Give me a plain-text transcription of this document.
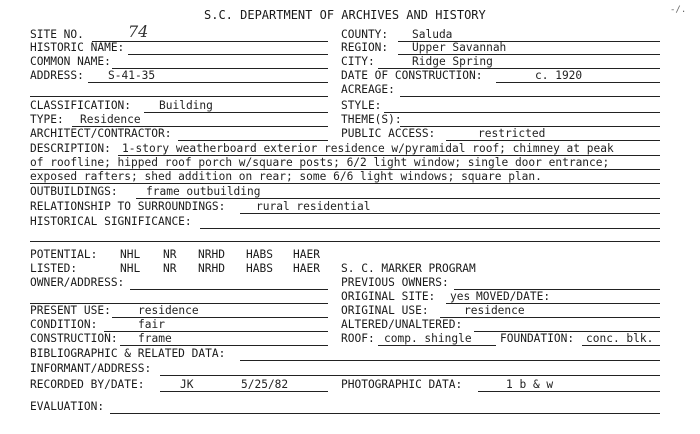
S.C. DEPARTMENT OF ARCHIVES AND HISTORY	-/.
SITE NO.	74	COUNTY: Saluda
HISTORIC NAME:	REGION: Upper Savannah
COMMON NAME:	CITY:	Ridge Spring
ADDRESS: S-41-35	DATE OF CONSTRUCTION:	c. 1920
ACREAGE:
CLASSIFICATION: Building	STYLE:
TYPE: Residence	THEME(S):
ARCHITECT/CONTRACTOR:	PUBLIC ACCESS:	restricted
DESCRIPTION: 1-story weatherboard exterior residence w/pyramidal roof; chimney at peak
of roofline; hipped roof porch w/square posts; 6/2 light window; single door entrance;
exposed rafters; shed addition on rear; some 6/6 light windows; square plan.
OUTBUILDINGS:	frame outbuilding
RELATIONSHIP TO SURROUNDINGS:	rural residential
HISTORICAL SIGNIFICANCE:
POTENTIAL: NHL NR NRHD HABS HAER
LISTED:	NHL NR NRHD HABS HAER S. C. MARKER PROGRAM
OWNER/ADDRESS:	PREVIOUS OWNERS:
ORIGINAL SITE: yes MOVED/DATE:
PRESENT USE: residence	ORIGINAL USE:	residence
CONDITION:	fair	ALTERED/UNALTERED:
CONSTRUCTION: frame	ROOF: comp. shingle	FOUNDATION: conc. blk.
BIBLIOGRAPHIC & RELATED DATA:
INFORMANT/ADDRESS:
RECORDED BY/DATE:	JK	5/25/82	PHOTOGRAPHIC DATA:	1 b & w
EVALUATION:
